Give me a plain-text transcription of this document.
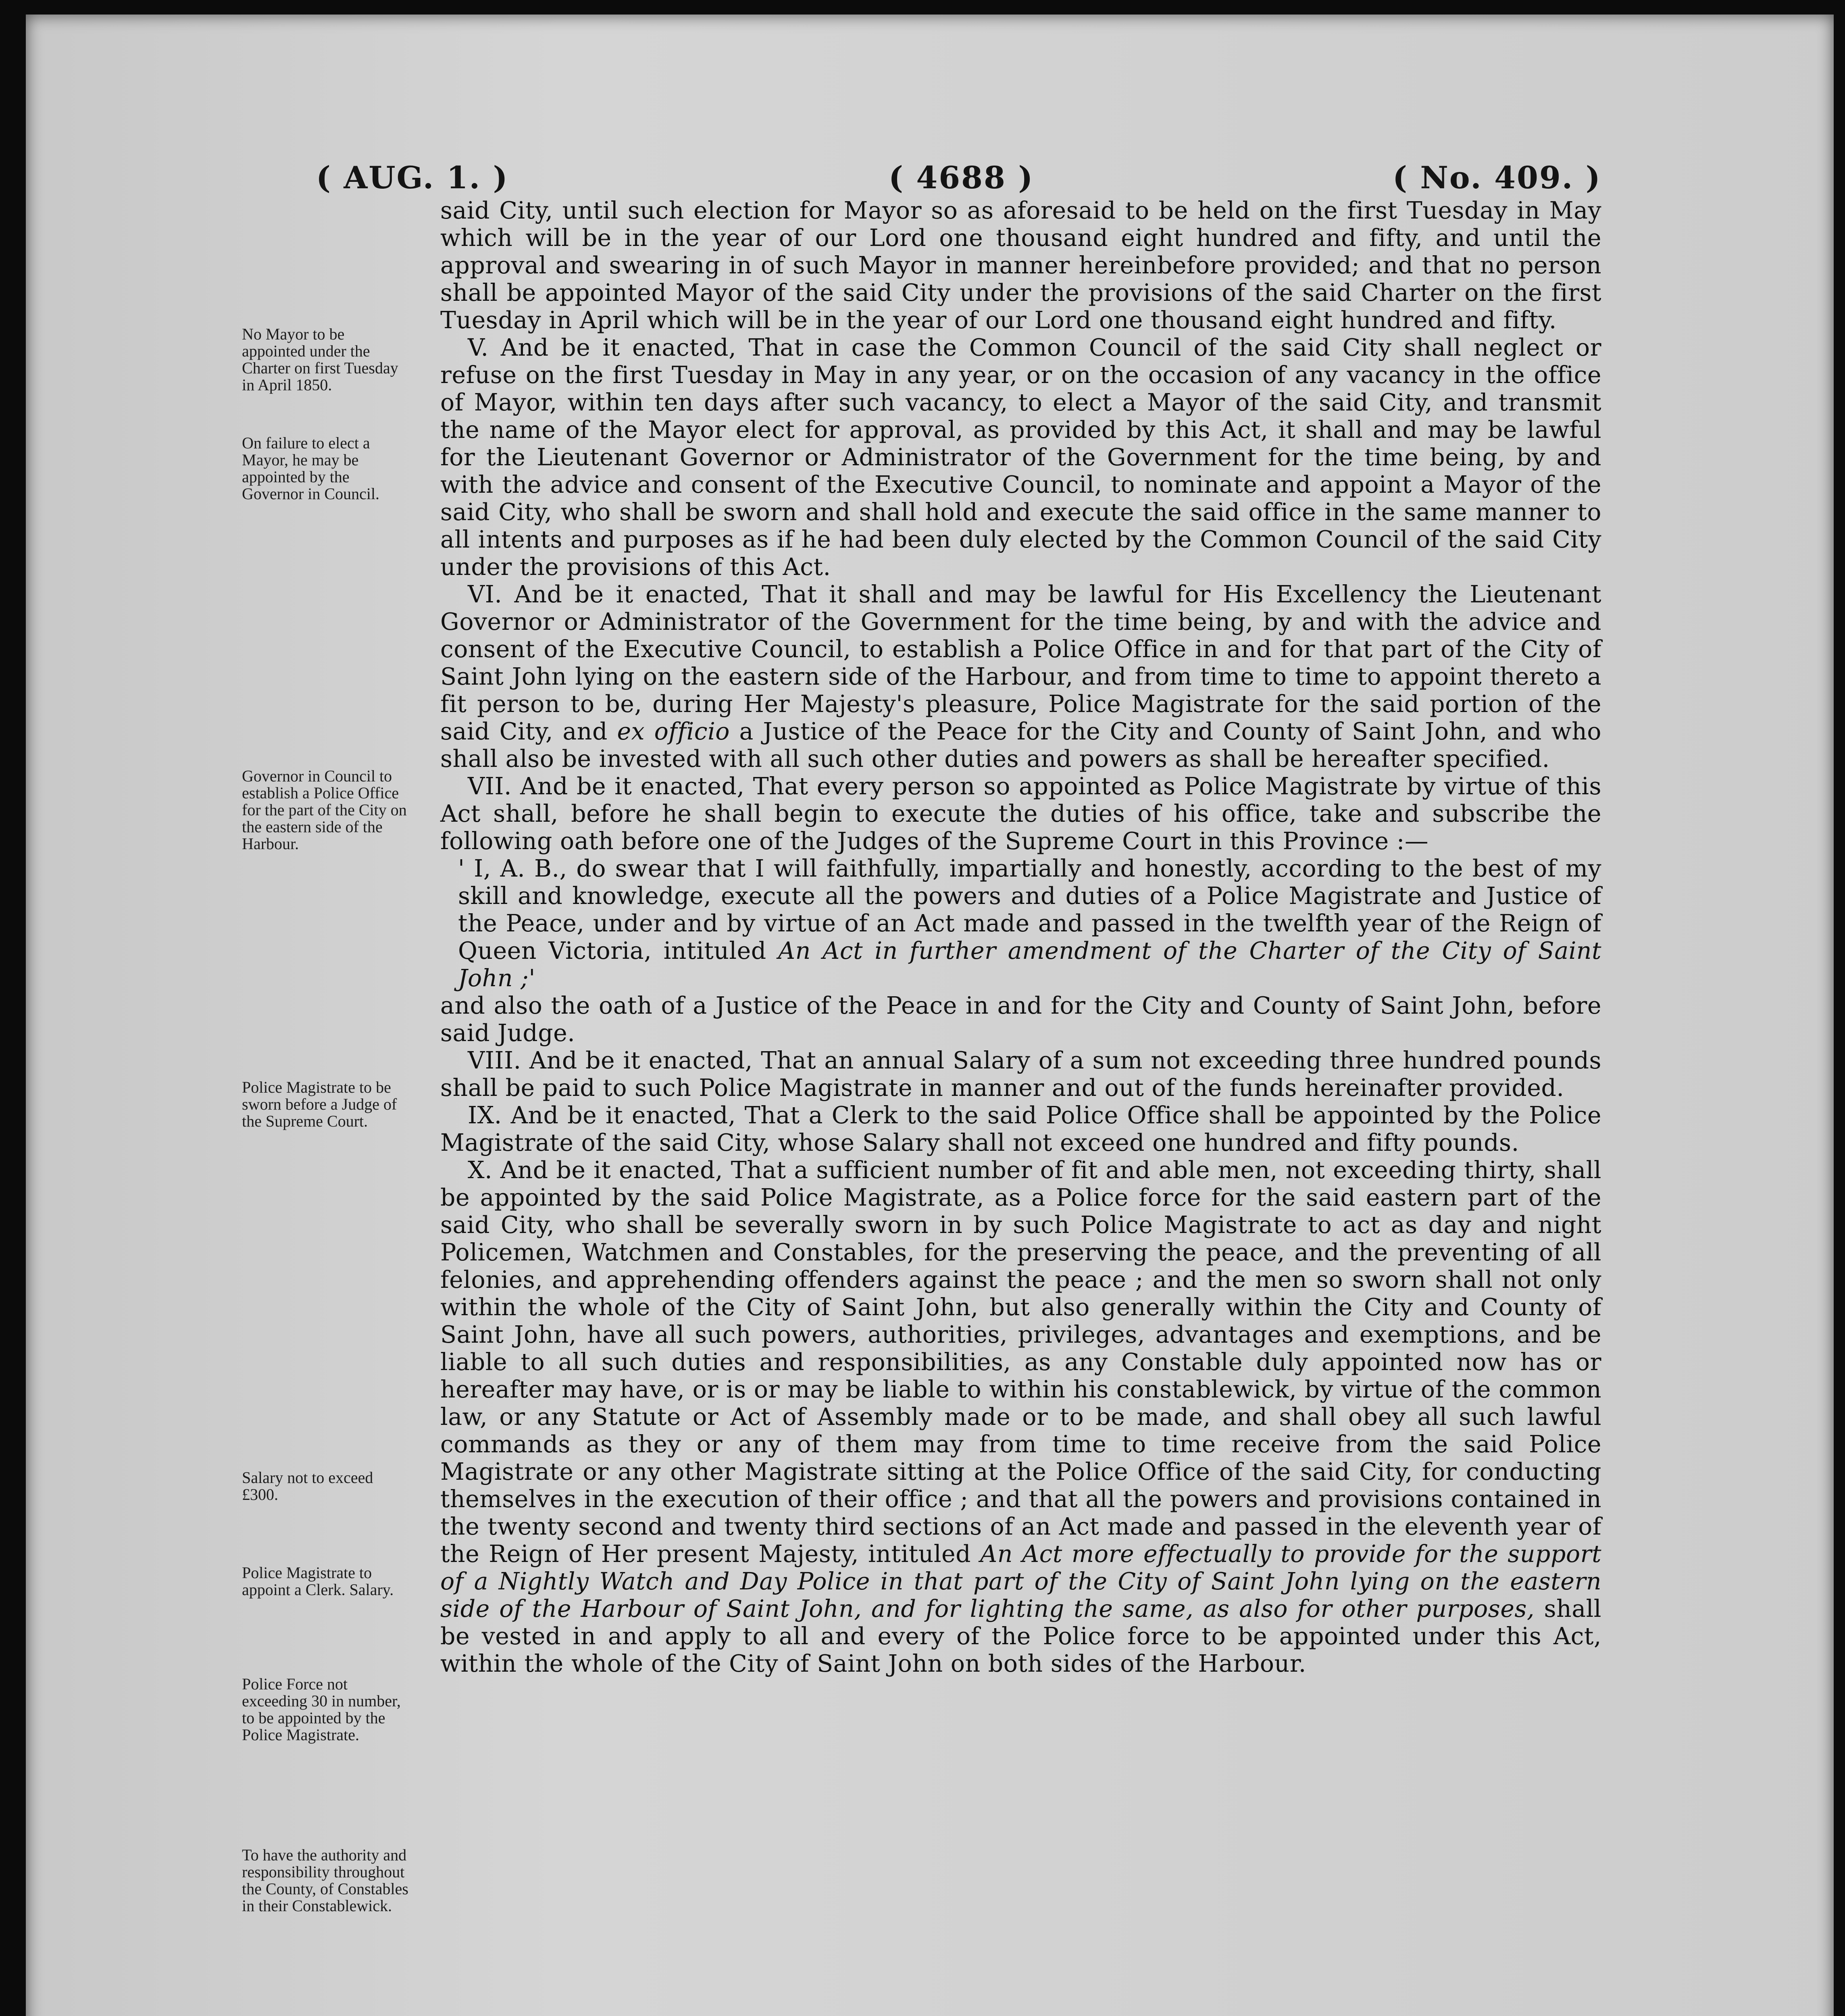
( AUG. 1. )	( 4688 )	( No. 409. )
No Mayor to be appointed under the Charter on first Tuesday in April 1850.
On failure to elect a Mayor, he may be appointed by the Governor in Council.
Governor in Council to establish a Police Office for the part of the City on the eastern side of the Harbour.
Police Magistrate to be sworn before a Judge of the Supreme Court.
Salary not to exceed £300.
Police Magistrate to appoint a Clerk. Salary.
Police Force not exceeding 30 in number, to be appointed by the Police Magistrate.
To have the authority and responsibility throughout the County, of Constables in their Constablewick.

said City, until such election for Mayor so as aforesaid to be held on the first Tuesday in May which will be in the year of our Lord one thousand eight hundred and fifty, and until the approval and swearing in of such Mayor in manner hereinbefore provided; and that no person shall be appointed Mayor of the said City under the provisions of the said Charter on the first Tuesday in April which will be in the year of our Lord one thousand eight hundred and fifty.

V. And be it enacted, That in case the Common Council of the said City shall neglect or refuse on the first Tuesday in May in any year, or on the occasion of any vacancy in the office of Mayor, within ten days after such vacancy, to elect a Mayor of the said City, and transmit the name of the Mayor elect for approval, as provided by this Act, it shall and may be lawful for the Lieutenant Governor or Administrator of the Government for the time being, by and with the advice and consent of the Executive Council, to nominate and appoint a Mayor of the said City, who shall be sworn and shall hold and execute the said office in the same manner to all intents and purposes as if he had been duly elected by the Common Council of the said City under the provisions of this Act.

VI. And be it enacted, That it shall and may be lawful for His Excellency the Lieutenant Governor or Administrator of the Government for the time being, by and with the advice and consent of the Executive Council, to establish a Police Office in and for that part of the City of Saint John lying on the eastern side of the Harbour, and from time to time to appoint thereto a fit person to be, during Her Majesty's pleasure, Police Magistrate for the said portion of the said City, and ex officio a Justice of the Peace for the City and County of Saint John, and who shall also be invested with all such other duties and powers as shall be hereafter specified.

VII. And be it enacted, That every person so appointed as Police Magistrate by virtue of this Act shall, before he shall begin to execute the duties of his office, take and subscribe the following oath before one of the Judges of the Supreme Court in this Province :—

' I, A. B., do swear that I will faithfully, impartially and honestly, according to the best of my skill and knowledge, execute all the powers and duties of a Police Magistrate and Justice of the Peace, under and by virtue of an Act made and passed in the twelfth year of the Reign of Queen Victoria, intituled An Act in further amendment of the Charter of the City of Saint John ;'

and also the oath of a Justice of the Peace in and for the City and County of Saint John, before said Judge.

VIII. And be it enacted, That an annual Salary of a sum not exceeding three hundred pounds shall be paid to such Police Magistrate in manner and out of the funds hereinafter provided.

IX. And be it enacted, That a Clerk to the said Police Office shall be appointed by the Police Magistrate of the said City, whose Salary shall not exceed one hundred and fifty pounds.

X. And be it enacted, That a sufficient number of fit and able men, not exceeding thirty, shall be appointed by the said Police Magistrate, as a Police force for the said eastern part of the said City, who shall be severally sworn in by such Police Magistrate to act as day and night Policemen, Watchmen and Constables, for the preserving the peace, and the preventing of all felonies, and apprehending offenders against the peace ; and the men so sworn shall not only within the whole of the City of Saint John, but also generally within the City and County of Saint John, have all such powers, authorities, privileges, advantages and exemptions, and be liable to all such duties and responsibilities, as any Constable duly appointed now has or hereafter may have, or is or may be liable to within his constablewick, by virtue of the common law, or any Statute or Act of Assembly made or to be made, and shall obey all such lawful commands as they or any of them may from time to time receive from the said Police Magistrate or any other Magistrate sitting at the Police Office of the said City, for conducting themselves in the execution of their office ; and that all the powers and provisions contained in the twenty second and twenty third sections of an Act made and passed in the eleventh year of the Reign of Her present Majesty, intituled An Act more effectually to provide for the support of a Nightly Watch and Day Police in that part of the City of Saint John lying on the eastern side of the Harbour of Saint John, and for lighting the same, as also for other purposes, shall be vested in and apply to all and every of the Police force to be appointed under this Act, within the whole of the City of Saint John on both sides of the Harbour.
